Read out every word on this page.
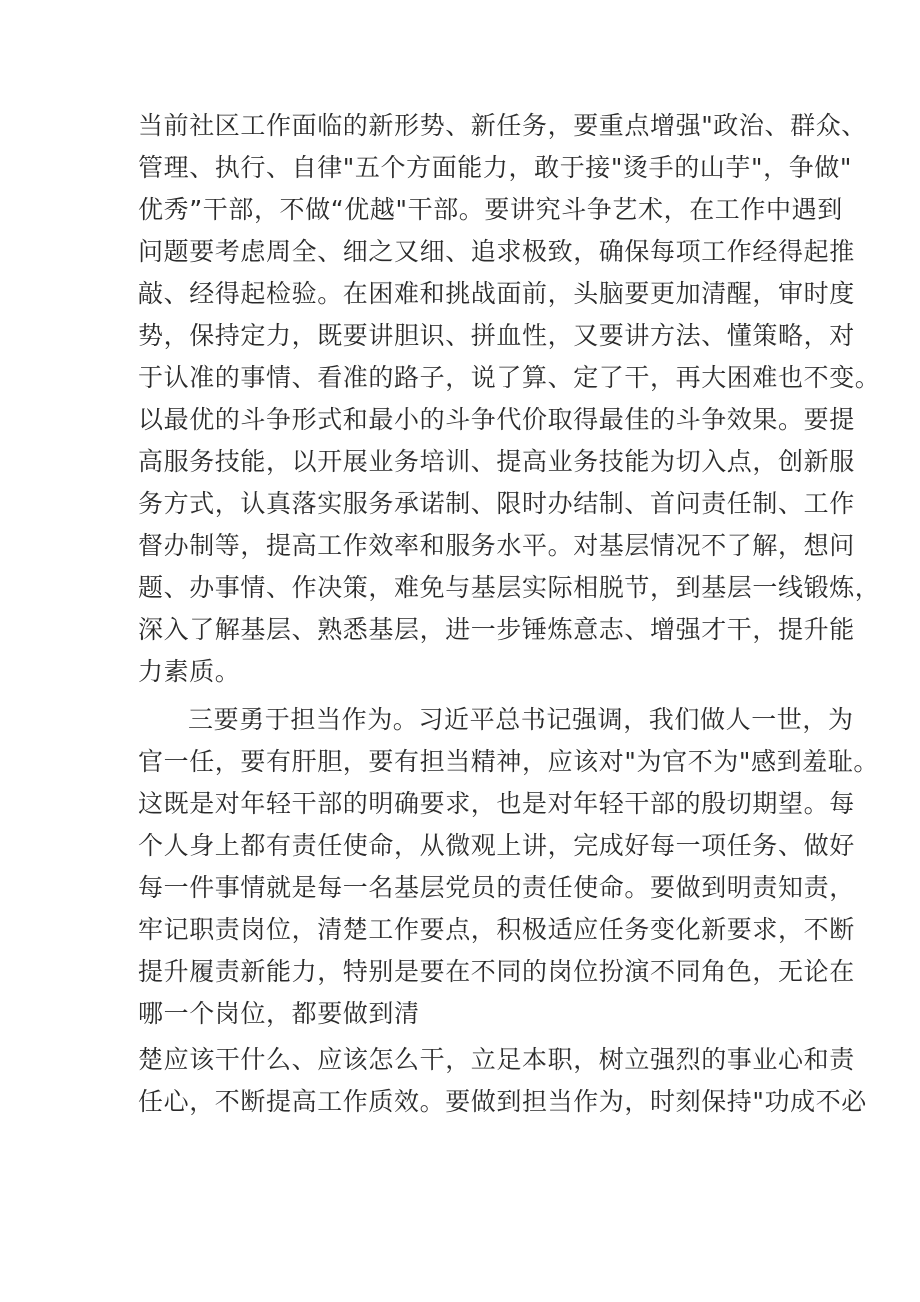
当前社区工作面临的新形势、新任务，要重点增强"政治、群众、
管理、执行、自律"五个方面能力，敢于接"烫手的山芋"，争做"
优秀”干部，不做“优越"干部。要讲究斗争艺术，在工作中遇到
问题要考虑周全、细之又细、追求极致，确保每项工作经得起推
敲、经得起检验。在困难和挑战面前，头脑要更加清醒，审时度
势，保持定力，既要讲胆识、拼血性，又要讲方法、懂策略，对
于认准的事情、看准的路子，说了算、定了干，再大困难也不变。
以最优的斗争形式和最小的斗争代价取得最佳的斗争效果。要提
高服务技能，以开展业务培训、提高业务技能为切入点，创新服
务方式，认真落实服务承诺制、限时办结制、首问责任制、工作
督办制等，提高工作效率和服务水平。对基层情况不了解，想问
题、办事情、作决策，难免与基层实际相脱节，到基层一线锻炼，
深入了解基层、熟悉基层，进一步锤炼意志、增强才干，提升能
力素质。
三要勇于担当作为。习近平总书记强调，我们做人一世，为
官一任，要有肝胆，要有担当精神，应该对"为官不为"感到羞耻。
这既是对年轻干部的明确要求，也是对年轻干部的殷切期望。每
个人身上都有责任使命，从微观上讲，完成好每一项任务、做好
每一件事情就是每一名基层党员的责任使命。要做到明责知责，
牢记职责岗位，清楚工作要点，积极适应任务变化新要求，不断
提升履责新能力，特别是要在不同的岗位扮演不同角色，无论在
哪一个岗位，都要做到清
楚应该干什么、应该怎么干，立足本职，树立强烈的事业心和责
任心，不断提高工作质效。要做到担当作为，时刻保持"功成不必
